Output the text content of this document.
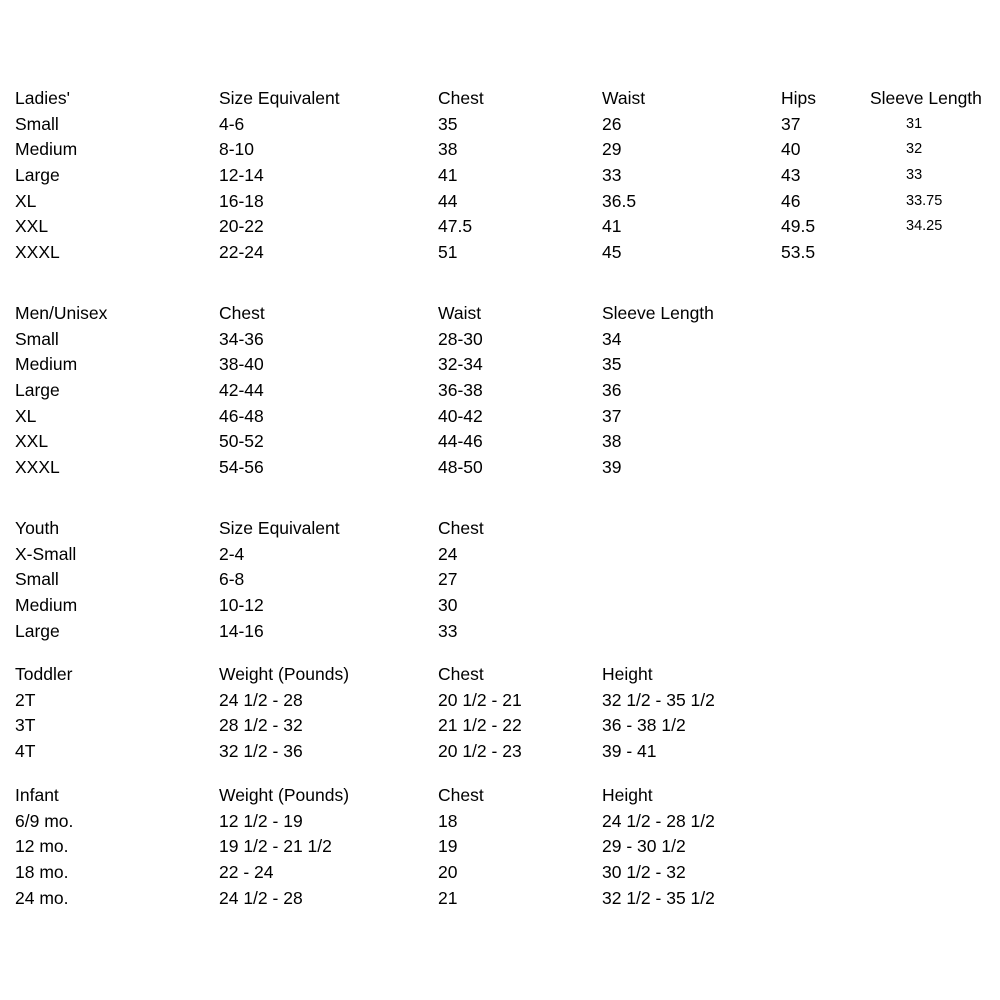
Ladies'	Size Equivalent	Chest	Waist	Hips	Sleeve Length
Small	4-6	35	26	37	31
Medium	8-10	38	29	40	32
Large	12-14	41	33	43	33
XL	16-18	44	36.5	46	33.75
XXL	20-22	47.5	41	49.5	34.25
XXXL	22-24	51	45	53.5
Men/Unisex	Chest	Waist	Sleeve Length
Small	34-36	28-30	34
Medium	38-40	32-34	35
Large	42-44	36-38	36
XL	46-48	40-42	37
XXL	50-52	44-46	38
XXXL	54-56	48-50	39
Youth	Size Equivalent	Chest
X-Small	2-4	24
Small	6-8	27
Medium	10-12	30
Large	14-16	33
Toddler	Weight (Pounds)	Chest	Height
2T	24 1/2 - 28	20 1/2 - 21	32 1/2 - 35 1/2
3T	28 1/2 - 32	21 1/2 - 22	36 - 38 1/2
4T	32 1/2 - 36	20 1/2 - 23	39 - 41
Infant	Weight (Pounds)	Chest	Height
6/9 mo.	12 1/2 - 19	18	24 1/2 - 28 1/2
12 mo.	19 1/2 - 21 1/2	19	29 - 30 1/2
18 mo.	22 - 24	20	30 1/2 - 32
24 mo.	24 1/2 - 28	21	32 1/2 - 35 1/2
